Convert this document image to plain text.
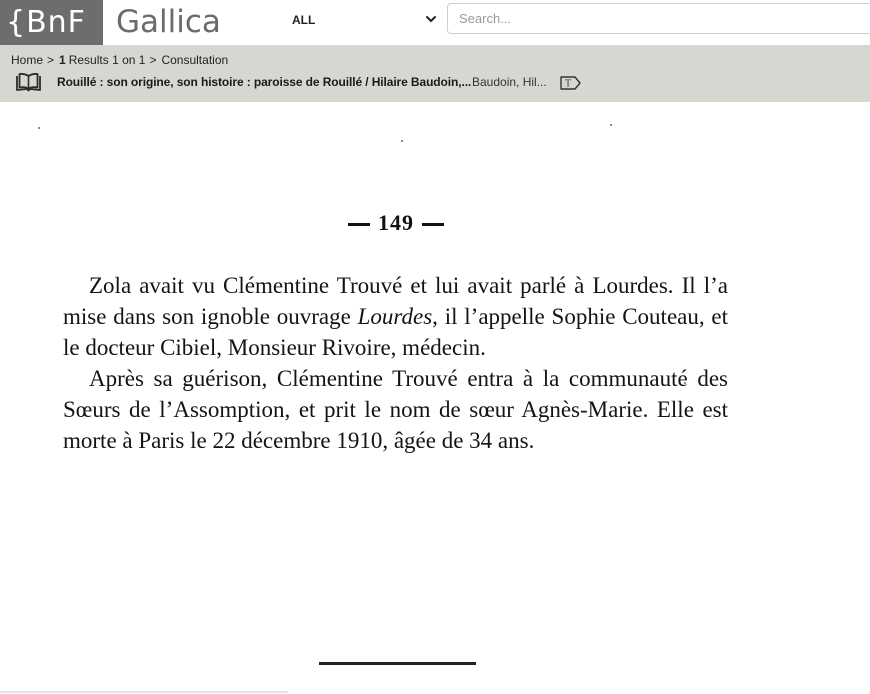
{BnF Gallica	ALL
Search...
Home > 1 Results 1 on 1 > Consultation
Rouillé : son origine, son histoire : paroisse de Rouillé / Hilaire Baudoin,... Baudoin, Hil... T
149

Zola avait vu Clémentine Trouvé et lui avait parlé à Lourdes. Il l’a mise dans son ignoble ouvrage Lourdes, il l’appelle Sophie Couteau, et le docteur Cibiel, Monsieur Rivoire, médecin.

Après sa guérison, Clémentine Trouvé entra à la communauté des Sœurs de l’Assomption, et prit le nom de sœur Agnès-Marie. Elle est morte à Paris le 22 décembre 1910, âgée de 34 ans.
